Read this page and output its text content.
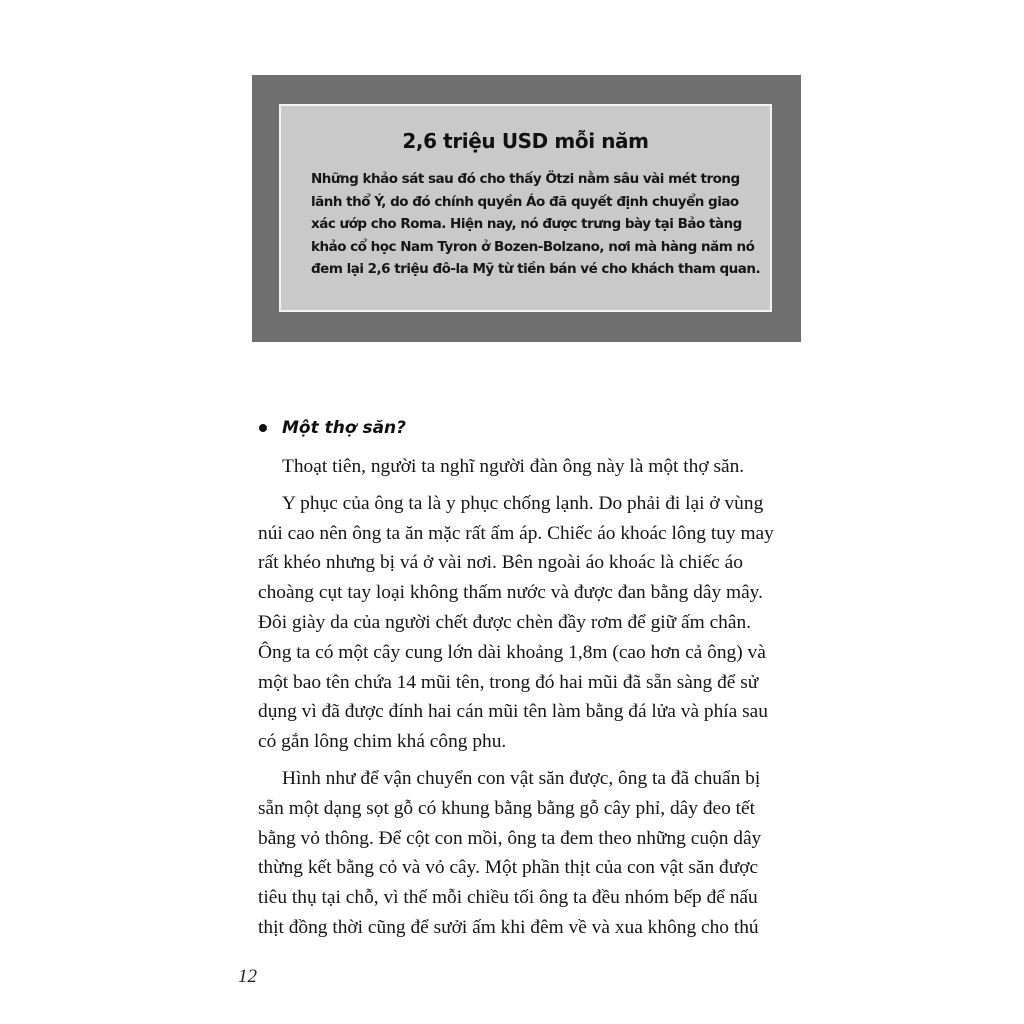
2,6 triệu USD mỗi năm
Những khảo sát sau đó cho thấy Ötzi nằm sâu vài mét trong
lãnh thổ Ý, do đó chính quyền Áo đã quyết định chuyển giao
xác ướp cho Roma. Hiện nay, nó được trưng bày tại Bảo tàng
khảo cổ học Nam Tyron ở Bozen-Bolzano, nơi mà hàng năm nó
đem lại 2,6 triệu đô-la Mỹ từ tiền bán vé cho khách tham quan.
Một thợ săn?

Thoạt tiên, người ta nghĩ người đàn ông này là một thợ săn.

Y phục của ông ta là y phục chống lạnh. Do phải đi lại ở vùng
núi cao nên ông ta ăn mặc rất ấm áp. Chiếc áo khoác lông tuy may
rất khéo nhưng bị vá ở vài nơi. Bên ngoài áo khoác là chiếc áo
choàng cụt tay loại không thấm nước và được đan bằng dây mây.
Đôi giày da của người chết được chèn đầy rơm để giữ ấm chân.
Ông ta có một cây cung lớn dài khoảng 1,8m (cao hơn cả ông) và
một bao tên chứa 14 mũi tên, trong đó hai mũi đã sẵn sàng để sử
dụng vì đã được đính hai cán mũi tên làm bằng đá lửa và phía sau
có gắn lông chim khá công phu.

Hình như để vận chuyển con vật săn được, ông ta đã chuẩn bị
sẵn một dạng sọt gỗ có khung bằng bằng gỗ cây phỉ, dây đeo tết
bằng vỏ thông. Để cột con mồi, ông ta đem theo những cuộn dây
thừng kết bằng cỏ và vỏ cây. Một phần thịt của con vật săn được
tiêu thụ tại chỗ, vì thế mỗi chiều tối ông ta đều nhóm bếp để nấu
thịt đồng thời cũng để sưởi ấm khi đêm về và xua không cho thú

12
